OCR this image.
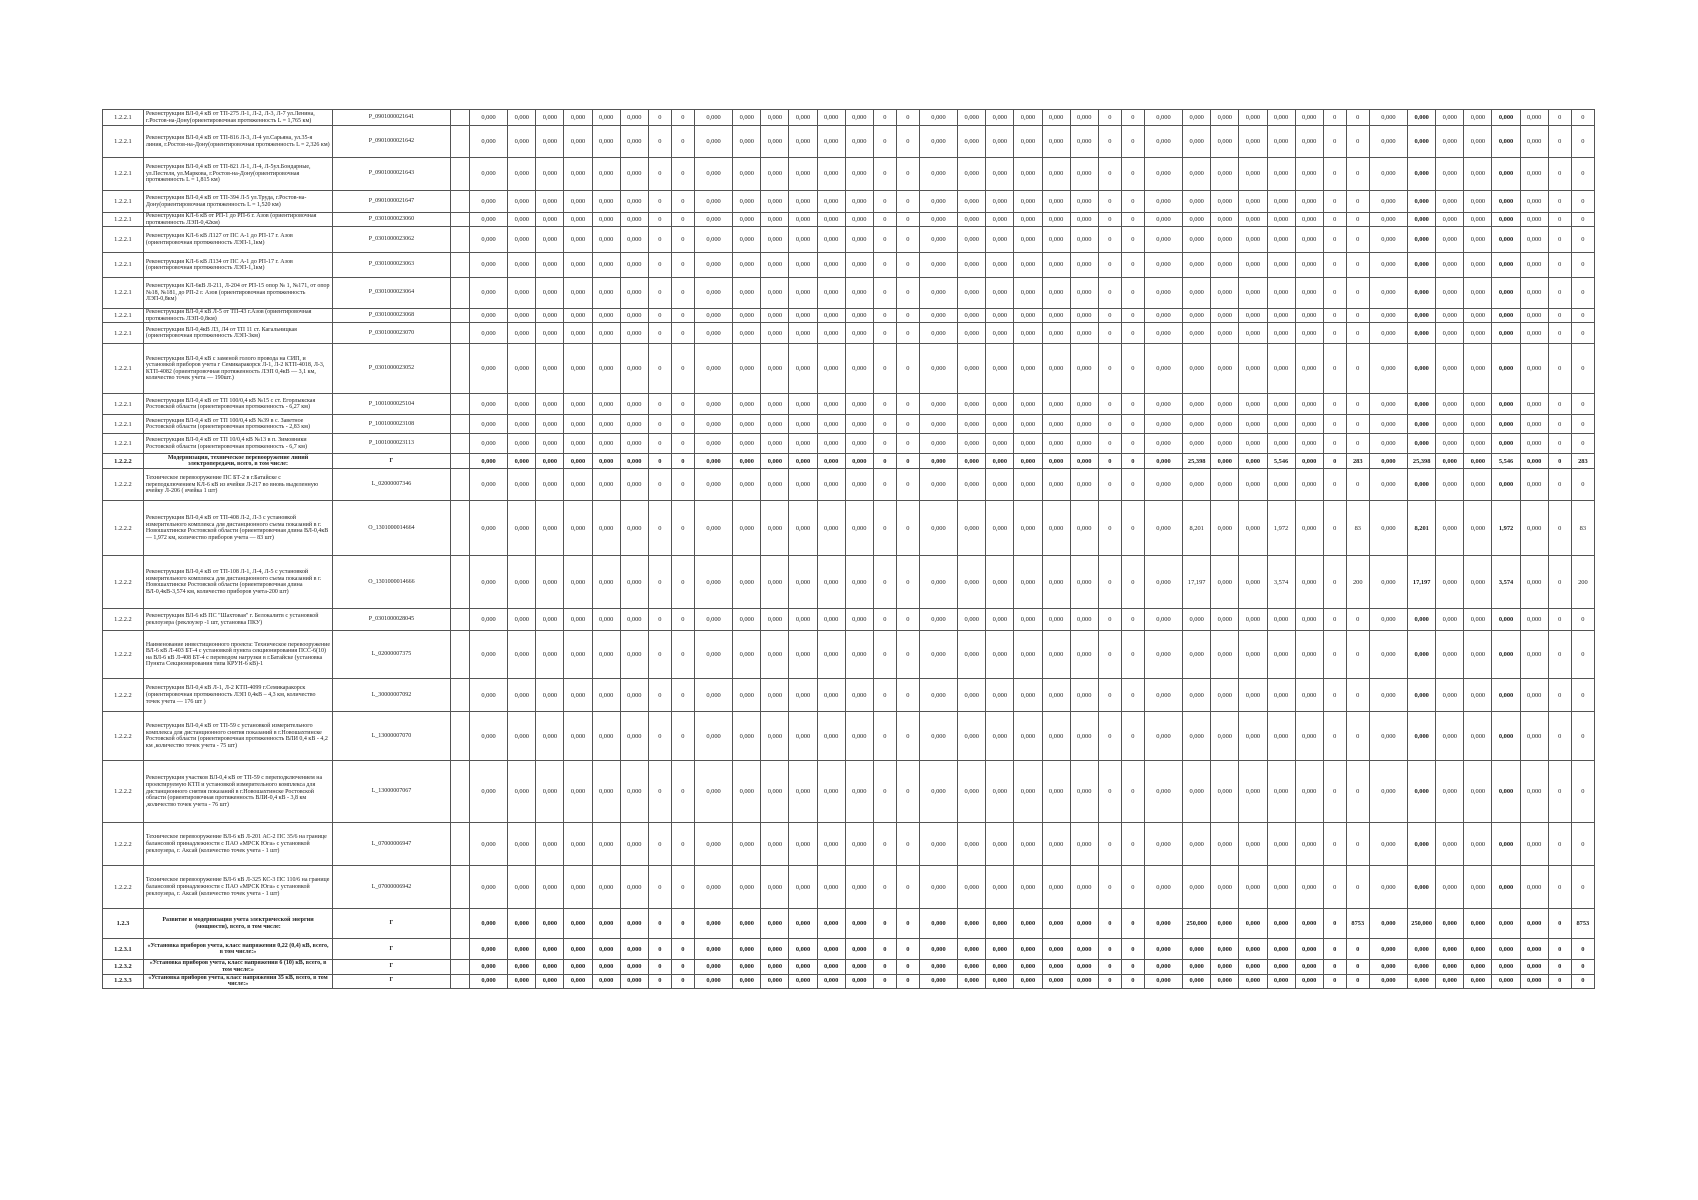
1.2.2.1	Реконструкция ВЛ-0,4 кВ от ТП-275 Л-1, Л-2, Л-3, Л-7 ул.Ленина, г.Ростов-на-Дону(ориентировочная протяженность L = 1,765 км)	P_0901000021641		0,000	0,000	0,000	0,000	0,000	0,000	0	0	0,000	0,000	0,000	0,000	0,000	0,000	0	0	0,000	0,000	0,000	0,000	0,000	0,000	0	0	0,000	0,000	0,000	0,000	0,000	0,000	0	0	0,000	0,000	0,000	0,000	0,000	0,000	0	0
1.2.2.1	Реконструкция ВЛ-0,4 кВ от ТП-816 Л-3, Л-4 ул.Сарьяна, ул.35-я линия, г.Ростов-на-Дону(ориентировочная протяженность L = 2,326 км)	P_0901000021642		0,000	0,000	0,000	0,000	0,000	0,000	0	0	0,000	0,000	0,000	0,000	0,000	0,000	0	0	0,000	0,000	0,000	0,000	0,000	0,000	0	0	0,000	0,000	0,000	0,000	0,000	0,000	0	0	0,000	0,000	0,000	0,000	0,000	0,000	0	0
1.2.2.1	Реконструкция ВЛ-0,4 кВ от ТП-821 Л-1, Л-4, Л-5ул.Бондарные, ул.Пестеля, ул.Маркова, г.Ростов-на-Дону(ориентировочная протяженность L = 1,815 км)	P_0901000021643		0,000	0,000	0,000	0,000	0,000	0,000	0	0	0,000	0,000	0,000	0,000	0,000	0,000	0	0	0,000	0,000	0,000	0,000	0,000	0,000	0	0	0,000	0,000	0,000	0,000	0,000	0,000	0	0	0,000	0,000	0,000	0,000	0,000	0,000	0	0
1.2.2.1	Реконструкция ВЛ-0,4 кВ от ТП-394 Л-5 ул.Труда, г.Ростов-на-Дону(ориентировочная протяженность L = 1,520 км)	P_0901000021647		0,000	0,000	0,000	0,000	0,000	0,000	0	0	0,000	0,000	0,000	0,000	0,000	0,000	0	0	0,000	0,000	0,000	0,000	0,000	0,000	0	0	0,000	0,000	0,000	0,000	0,000	0,000	0	0	0,000	0,000	0,000	0,000	0,000	0,000	0	0
1.2.2.1	Реконструкция КЛ-6 кВ от РП-1 до РП-6 г. Азов (ориентировочная протяженность ЛЭП-0,42км)	P_0301000023060		0,000	0,000	0,000	0,000	0,000	0,000	0	0	0,000	0,000	0,000	0,000	0,000	0,000	0	0	0,000	0,000	0,000	0,000	0,000	0,000	0	0	0,000	0,000	0,000	0,000	0,000	0,000	0	0	0,000	0,000	0,000	0,000	0,000	0,000	0	0
1.2.2.1	Реконструкция КЛ-6 кВ Л127 от ПС А-1 до РП-17 г. Азов (ориентировочная протяженность ЛЭП-1,1км)	P_0301000023062		0,000	0,000	0,000	0,000	0,000	0,000	0	0	0,000	0,000	0,000	0,000	0,000	0,000	0	0	0,000	0,000	0,000	0,000	0,000	0,000	0	0	0,000	0,000	0,000	0,000	0,000	0,000	0	0	0,000	0,000	0,000	0,000	0,000	0,000	0	0
1.2.2.1	Реконструкция КЛ-6 кВ Л134 от ПС А-1 до РП-17 г. Азов (ориентировочная протяженность ЛЭП-1,1км)	P_0301000023063		0,000	0,000	0,000	0,000	0,000	0,000	0	0	0,000	0,000	0,000	0,000	0,000	0,000	0	0	0,000	0,000	0,000	0,000	0,000	0,000	0	0	0,000	0,000	0,000	0,000	0,000	0,000	0	0	0,000	0,000	0,000	0,000	0,000	0,000	0	0
1.2.2.1	Реконструкция КЛ-6кВ Л-211, Л-204 от РП-15 опор № 1, №171, от опор №18, №181, до РП-2 г. Азов (ориентировочная протяженность ЛЭП-0,8км)	P_0301000023064		0,000	0,000	0,000	0,000	0,000	0,000	0	0	0,000	0,000	0,000	0,000	0,000	0,000	0	0	0,000	0,000	0,000	0,000	0,000	0,000	0	0	0,000	0,000	0,000	0,000	0,000	0,000	0	0	0,000	0,000	0,000	0,000	0,000	0,000	0	0
1.2.2.1	Реконструкция ВЛ-0,4 кВ Л-5 от ТП-43 г.Азов (ориентировочная протяженность ЛЭП-0,8км)	P_0301000023068		0,000	0,000	0,000	0,000	0,000	0,000	0	0	0,000	0,000	0,000	0,000	0,000	0,000	0	0	0,000	0,000	0,000	0,000	0,000	0,000	0	0	0,000	0,000	0,000	0,000	0,000	0,000	0	0	0,000	0,000	0,000	0,000	0,000	0,000	0	0
1.2.2.1	Реконструкция ВЛ-0,4кВ Л3, Л4 от ТП 11 ст. Кагальницкая (ориентировочная протяженность ЛЭП-3км)	P_0301000023070		0,000	0,000	0,000	0,000	0,000	0,000	0	0	0,000	0,000	0,000	0,000	0,000	0,000	0	0	0,000	0,000	0,000	0,000	0,000	0,000	0	0	0,000	0,000	0,000	0,000	0,000	0,000	0	0	0,000	0,000	0,000	0,000	0,000	0,000	0	0
1.2.2.1	Реконструкция ВЛ-0,4 кВ с заменой голого провода на СИП, и установкой приборов учета г Семикаракорск Л-1, Л-2 КТП-4018, Л-3, КТП-4082 (ориентировочная протяженность ЛЭП 0,4кВ — 3,1 км, количество точек учета — 190шт.)	P_0301000023052		0,000	0,000	0,000	0,000	0,000	0,000	0	0	0,000	0,000	0,000	0,000	0,000	0,000	0	0	0,000	0,000	0,000	0,000	0,000	0,000	0	0	0,000	0,000	0,000	0,000	0,000	0,000	0	0	0,000	0,000	0,000	0,000	0,000	0,000	0	0
1.2.2.1	Реконструкция ВЛ-0,4 кВ от ТП 100/0,4 кВ №15 с ст. Егорлыкская Ростовской области (ориентировочная протяженность - 6,27 км)	P_1001000025104		0,000	0,000	0,000	0,000	0,000	0,000	0	0	0,000	0,000	0,000	0,000	0,000	0,000	0	0	0,000	0,000	0,000	0,000	0,000	0,000	0	0	0,000	0,000	0,000	0,000	0,000	0,000	0	0	0,000	0,000	0,000	0,000	0,000	0,000	0	0
1.2.2.1	Реконструкция ВЛ-0,4 кВ от ТП 100/0,4 кВ №39 в с. Заветное Ростовской области (ориентировочная протяженность - 2,83 км)	P_1001000023108		0,000	0,000	0,000	0,000	0,000	0,000	0	0	0,000	0,000	0,000	0,000	0,000	0,000	0	0	0,000	0,000	0,000	0,000	0,000	0,000	0	0	0,000	0,000	0,000	0,000	0,000	0,000	0	0	0,000	0,000	0,000	0,000	0,000	0,000	0	0
1.2.2.1	Реконструкция ВЛ-0,4 кВ от ТП 10/0,4 кВ №13 в п. Зимовники Ростовской области (ориентировочная протяженность - 6,7 км)	P_1001000023113		0,000	0,000	0,000	0,000	0,000	0,000	0	0	0,000	0,000	0,000	0,000	0,000	0,000	0	0	0,000	0,000	0,000	0,000	0,000	0,000	0	0	0,000	0,000	0,000	0,000	0,000	0,000	0	0	0,000	0,000	0,000	0,000	0,000	0,000	0	0
1.2.2.2	Модернизация, техническое перевооружение линий электропередачи, всего, в том числе:	Г		0,000	0,000	0,000	0,000	0,000	0,000	0	0	0,000	0,000	0,000	0,000	0,000	0,000	0	0	0,000	0,000	0,000	0,000	0,000	0,000	0	0	0,000	25,398	0,000	0,000	5,546	0,000	0	283	0,000	25,398	0,000	0,000	5,546	0,000	0	283
1.2.2.2	Техническое перевооружение ПС БТ-2 в г.Батайске с переподключением КЛ-6 кВ из ячейки Л-217 во вновь выделенную ячейку Л-206 ( ячейка 1 шт)	L_02000007346		0,000	0,000	0,000	0,000	0,000	0,000	0	0	0,000	0,000	0,000	0,000	0,000	0,000	0	0	0,000	0,000	0,000	0,000	0,000	0,000	0	0	0,000	0,000	0,000	0,000	0,000	0,000	0	0	0,000	0,000	0,000	0,000	0,000	0,000	0	0
1.2.2.2	Реконструкция ВЛ-0,4 кВ от ТП-408 Л-2, Л-3 с установкой измерительного комплекса для дистанционного съема показаний в г. Новошахтинске Ростовской области (ориентировочная длина ВЛ-0,4кВ — 1,972 км, количество приборов учета — 83 шт)	O_1301000014664		0,000	0,000	0,000	0,000	0,000	0,000	0	0	0,000	0,000	0,000	0,000	0,000	0,000	0	0	0,000	0,000	0,000	0,000	0,000	0,000	0	0	0,000	8,201	0,000	0,000	1,972	0,000	0	83	0,000	8,201	0,000	0,000	1,972	0,000	0	83
1.2.2.2	Реконструкция ВЛ-0,4 кВ от ТП-108 Л-1, Л-4, Л-5 с установкой измерительного комплекса для дистанционного съема показаний в г. Новошахтинске Ростовской области (ориентировочная длина ВЛ-0,4кВ-3,574 км, количество приборов учета-200 шт)	O_1301000014666		0,000	0,000	0,000	0,000	0,000	0,000	0	0	0,000	0,000	0,000	0,000	0,000	0,000	0	0	0,000	0,000	0,000	0,000	0,000	0,000	0	0	0,000	17,197	0,000	0,000	3,574	0,000	0	200	0,000	17,197	0,000	0,000	3,574	0,000	0	200
1.2.2.2	Реконструкция ВЛ-6 кВ ПС "Шахтовая" г. Белокалитв с установкой реклоузера (реклоузер -1 шт, установка ПКУ)	P_0301000028045		0,000	0,000	0,000	0,000	0,000	0,000	0	0	0,000	0,000	0,000	0,000	0,000	0,000	0	0	0,000	0,000	0,000	0,000	0,000	0,000	0	0	0,000	0,000	0,000	0,000	0,000	0,000	0	0	0,000	0,000	0,000	0,000	0,000	0,000	0	0
1.2.2.2	Наименование инвестиционного проекта: Техническое перевооружение ВЛ-6 кВ Л-403 БТ-4 с установкой пункта секционирования ПСС-6(10) на ВЛ-6 кВ Л-408 БТ-4 с переводом нагрузки в г.Батайске (установка Пункта Секционирования типа КРУН-6 кВ)-1	L_02000007375		0,000	0,000	0,000	0,000	0,000	0,000	0	0	0,000	0,000	0,000	0,000	0,000	0,000	0	0	0,000	0,000	0,000	0,000	0,000	0,000	0	0	0,000	0,000	0,000	0,000	0,000	0,000	0	0	0,000	0,000	0,000	0,000	0,000	0,000	0	0
1.2.2.2	Реконструкция ВЛ-0,4 кВ Л-1, Л-2 КТП-4099 г.Семикаракорск (ориентировочная протяженность ЛЭП 0,4кВ – 4,3 км, количество точек учета — 176 шт )	L_30000007092		0,000	0,000	0,000	0,000	0,000	0,000	0	0	0,000	0,000	0,000	0,000	0,000	0,000	0	0	0,000	0,000	0,000	0,000	0,000	0,000	0	0	0,000	0,000	0,000	0,000	0,000	0,000	0	0	0,000	0,000	0,000	0,000	0,000	0,000	0	0
1.2.2.2	Реконструкция ВЛ-0,4 кВ от ТП-59 с установкой измерительного комплекса для дистанционного снятия показаний в г.Новошахтинске Ростовской области (ориентировочная протяженность ВЛИ 0,4 кВ - 4,2 км ,количество точек учета - 75 шт)	L_13000007070		0,000	0,000	0,000	0,000	0,000	0,000	0	0	0,000	0,000	0,000	0,000	0,000	0,000	0	0	0,000	0,000	0,000	0,000	0,000	0,000	0	0	0,000	0,000	0,000	0,000	0,000	0,000	0	0	0,000	0,000	0,000	0,000	0,000	0,000	0	0
1.2.2.2	Реконструкция участков ВЛ-0,4 кВ от ТП-59 с переподключением на проектируемую КТП и установкой измерительного комплекса для дистанционного снятия показаний в г.Новошахтинске Ростовской области (ориентировочная протяженность ВЛИ-0,4 кВ - 3,8 км ,количество точек учета - 76 шт)	L_13000007067		0,000	0,000	0,000	0,000	0,000	0,000	0	0	0,000	0,000	0,000	0,000	0,000	0,000	0	0	0,000	0,000	0,000	0,000	0,000	0,000	0	0	0,000	0,000	0,000	0,000	0,000	0,000	0	0	0,000	0,000	0,000	0,000	0,000	0,000	0	0
1.2.2.2	Техническое перевооружение ВЛ-6 кВ Л-201 АС-2 ПС 35/6 на границе балансовой принадлежности с ПАО «МРСК Юга» с установкой реклоузера, г. Аксай (количество точек учета - 1 шт)	L_07000006947		0,000	0,000	0,000	0,000	0,000	0,000	0	0	0,000	0,000	0,000	0,000	0,000	0,000	0	0	0,000	0,000	0,000	0,000	0,000	0,000	0	0	0,000	0,000	0,000	0,000	0,000	0,000	0	0	0,000	0,000	0,000	0,000	0,000	0,000	0	0
1.2.2.2	Техническое перевооружение ВЛ-6 кВ Л-325 КС-3 ПС 110/6 на границе балансовой принадлежности с ПАО «МРСК Юга» с установкой реклоузера, г. Аксай (количество точек учета - 1 шт)	L_07000006942		0,000	0,000	0,000	0,000	0,000	0,000	0	0	0,000	0,000	0,000	0,000	0,000	0,000	0	0	0,000	0,000	0,000	0,000	0,000	0,000	0	0	0,000	0,000	0,000	0,000	0,000	0,000	0	0	0,000	0,000	0,000	0,000	0,000	0,000	0	0
1.2.3	Развитие и модернизация учета электрической энергии (мощности), всего, в том числе:	Г		0,000	0,000	0,000	0,000	0,000	0,000	0	0	0,000	0,000	0,000	0,000	0,000	0,000	0	0	0,000	0,000	0,000	0,000	0,000	0,000	0	0	0,000	250,000	0,000	0,000	0,000	0,000	0	8753	0,000	250,000	0,000	0,000	0,000	0,000	0	8753
1.2.3.1	«Установка приборов учета, класс напряжения 0,22 (0,4) кВ, всего, в том числе:»	Г		0,000	0,000	0,000	0,000	0,000	0,000	0	0	0,000	0,000	0,000	0,000	0,000	0,000	0	0	0,000	0,000	0,000	0,000	0,000	0,000	0	0	0,000	0,000	0,000	0,000	0,000	0,000	0	0	0,000	0,000	0,000	0,000	0,000	0,000	0	0
1.2.3.2	«Установка приборов учета, класс напряжения 6 (10) кВ, всего, в том числе:»	Г		0,000	0,000	0,000	0,000	0,000	0,000	0	0	0,000	0,000	0,000	0,000	0,000	0,000	0	0	0,000	0,000	0,000	0,000	0,000	0,000	0	0	0,000	0,000	0,000	0,000	0,000	0,000	0	0	0,000	0,000	0,000	0,000	0,000	0,000	0	0
1.2.3.3	«Установка приборов учета, класс напряжения 35 кВ, всего, в том числе:»	Г		0,000	0,000	0,000	0,000	0,000	0,000	0	0	0,000	0,000	0,000	0,000	0,000	0,000	0	0	0,000	0,000	0,000	0,000	0,000	0,000	0	0	0,000	0,000	0,000	0,000	0,000	0,000	0	0	0,000	0,000	0,000	0,000	0,000	0,000	0	0
